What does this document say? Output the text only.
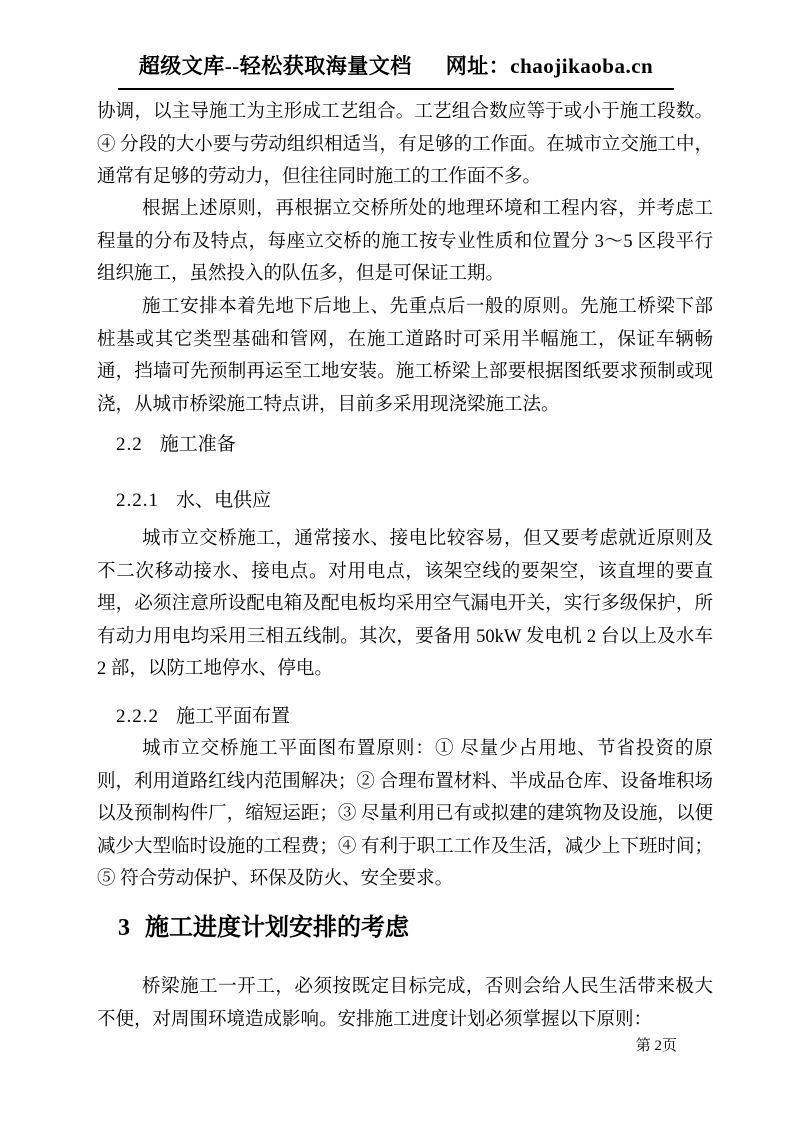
超级文库--轻松获取海量文档 网址：chaojikaoba.cn

协调，以主导施工为主形成工艺组合。工艺组合数应等于或小于施工段数。④ 分段的大小要与劳动组织相适当，有足够的工作面。在城市立交施工中，通常有足够的劳动力，但往往同时施工的工作面不多。

根据上述原则，再根据立交桥所处的地理环境和工程内容，并考虑工程量的分布及特点，每座立交桥的施工按专业性质和位置分 3～5 区段平行组织施工，虽然投入的队伍多，但是可保证工期。

施工安排本着先地下后地上、先重点后一般的原则。先施工桥梁下部桩基或其它类型基础和管网，在施工道路时可采用半幅施工，保证车辆畅通，挡墙可先预制再运至工地安装。施工桥梁上部要根据图纸要求预制或现浇，从城市桥梁施工特点讲，目前多采用现浇梁施工法。

2.2 施工准备
2.2.1 水、电供应

城市立交桥施工，通常接水、接电比较容易，但又要考虑就近原则及不二次移动接水、接电点。对用电点，该架空线的要架空，该直埋的要直埋，必须注意所设配电箱及配电板均采用空气漏电开关，实行多级保护，所有动力用电均采用三相五线制。其次，要备用 50kW 发电机 2 台以上及水车 2 部，以防工地停水、停电。

2.2.2 施工平面布置

城市立交桥施工平面图布置原则：① 尽量少占用地、节省投资的原则，利用道路红线内范围解决；② 合理布置材料、半成品仓库、设备堆积场以及预制构件厂，缩短运距；③ 尽量利用已有或拟建的建筑物及设施，以便减少大型临时设施的工程费；④ 有利于职工工作及生活，减少上下班时间；⑤ 符合劳动保护、环保及防火、安全要求。

3 施工进度计划安排的考虑

桥梁施工一开工，必须按既定目标完成，否则会给人民生活带来极大不便，对周围环境造成影响。安排施工进度计划必须掌握以下原则：

第 2页
